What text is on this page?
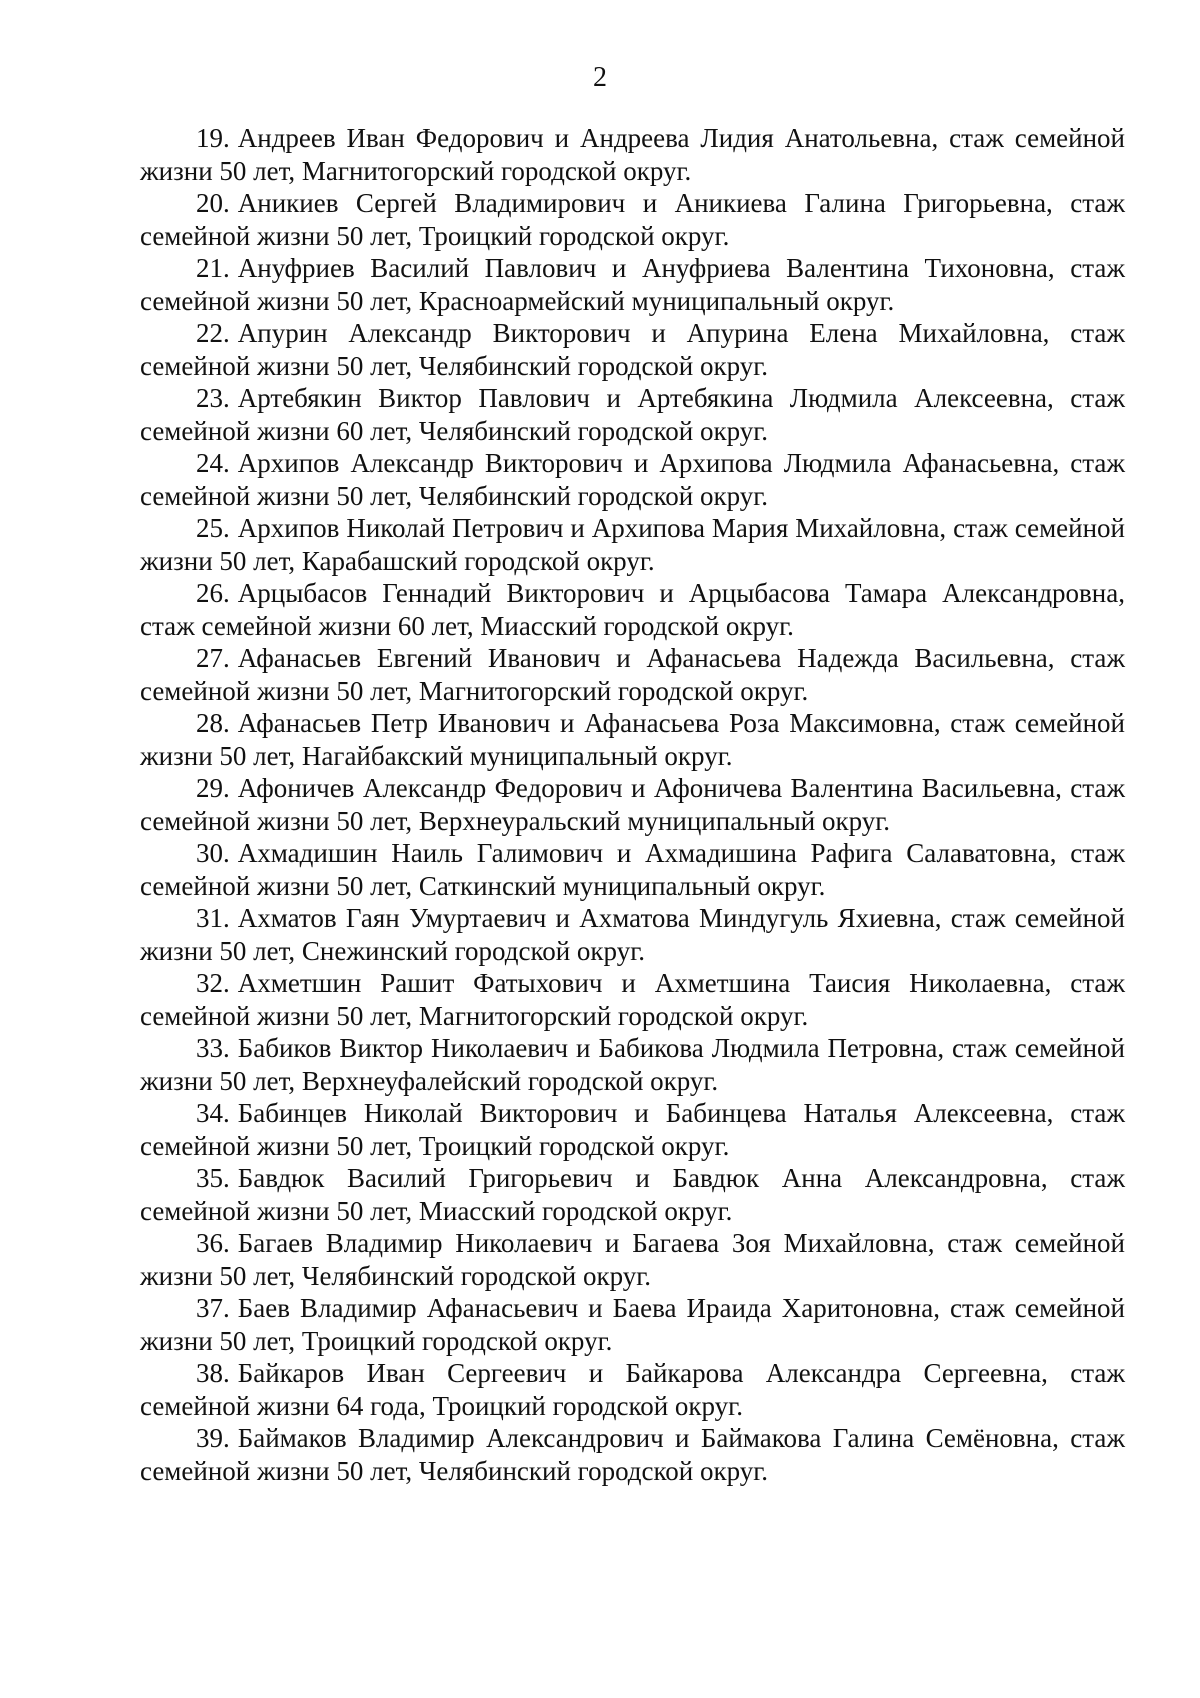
2

19. Андреев Иван Федорович и Андреева Лидия Анатольевна, стаж семейной жизни 50 лет, Магнитогорский городской округ.

20. Аникиев Сергей Владимирович и Аникиева Галина Григорьевна, стаж семейной жизни 50 лет, Троицкий городской округ.

21. Ануфриев Василий Павлович и Ануфриева Валентина Тихоновна, стаж семейной жизни 50 лет, Красноармейский муниципальный округ.

22. Апурин Александр Викторович и Апурина Елена Михайловна, стаж семейной жизни 50 лет, Челябинский городской округ.

23. Артебякин Виктор Павлович и Артебякина Людмила Алексеевна, стаж семейной жизни 60 лет, Челябинский городской округ.

24. Архипов Александр Викторович и Архипова Людмила Афанасьевна, стаж семейной жизни 50 лет, Челябинский городской округ.

25. Архипов Николай Петрович и Архипова Мария Михайловна, стаж семейной жизни 50 лет, Карабашский городской округ.

26. Арцыбасов Геннадий Викторович и Арцыбасова Тамара Александровна, стаж семейной жизни 60 лет, Миасский городской округ.

27. Афанасьев Евгений Иванович и Афанасьева Надежда Васильевна, стаж семейной жизни 50 лет, Магнитогорский городской округ.

28. Афанасьев Петр Иванович и Афанасьева Роза Максимовна, стаж семейной жизни 50 лет, Нагайбакский муниципальный округ.

29. Афоничев Александр Федорович и Афоничева Валентина Васильевна, стаж семейной жизни 50 лет, Верхнеуральский муниципальный округ.

30. Ахмадишин Наиль Галимович и Ахмадишина Рафига Салаватовна, стаж семейной жизни 50 лет, Саткинский муниципальный округ.

31. Ахматов Гаян Умуртаевич и Ахматова Миндугуль Яхиевна, стаж семейной жизни 50 лет, Снежинский городской округ.

32. Ахметшин Рашит Фатыхович и Ахметшина Таисия Николаевна, стаж семейной жизни 50 лет, Магнитогорский городской округ.

33. Бабиков Виктор Николаевич и Бабикова Людмила Петровна, стаж семейной жизни 50 лет, Верхнеуфалейский городской округ.

34. Бабинцев Николай Викторович и Бабинцева Наталья Алексеевна, стаж семейной жизни 50 лет, Троицкий городской округ.

35. Бавдюк Василий Григорьевич и Бавдюк Анна Александровна, стаж семейной жизни 50 лет, Миасский городской округ.

36. Багаев Владимир Николаевич и Багаева Зоя Михайловна, стаж семейной жизни 50 лет, Челябинский городской округ.

37. Баев Владимир Афанасьевич и Баева Ираида Харитоновна, стаж семейной жизни 50 лет, Троицкий городской округ.

38. Байкаров Иван Сергеевич и Байкарова Александра Сергеевна, стаж семейной жизни 64 года, Троицкий городской округ.

39. Баймаков Владимир Александрович и Баймакова Галина Семёновна, стаж семейной жизни 50 лет, Челябинский городской округ.
